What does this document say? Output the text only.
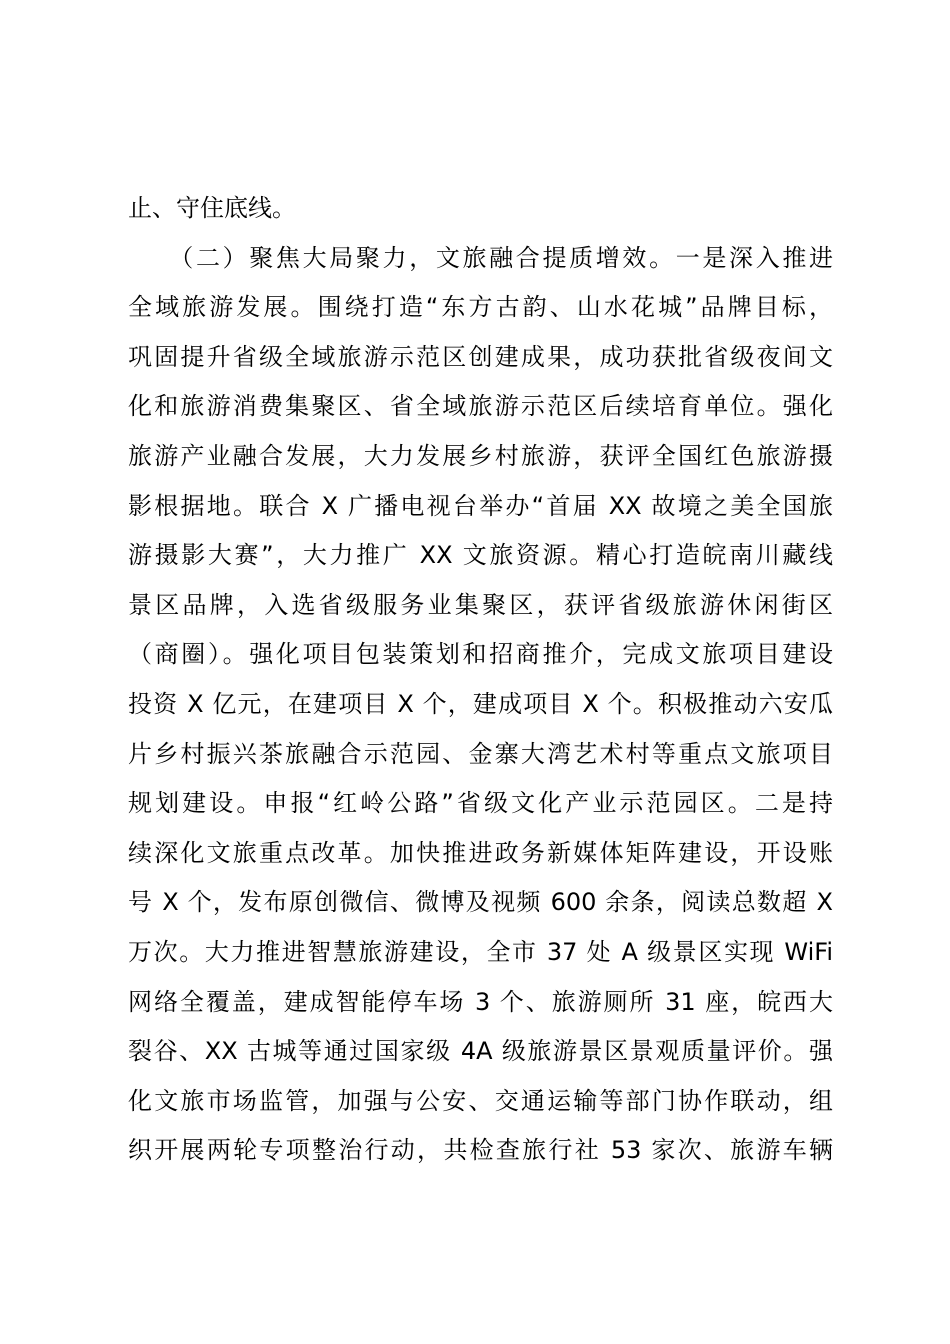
止、守住底线。
　　（二）聚焦大局聚力，文旅融合提质增效。一是深入推进
全域旅游发展。围绕打造“东方古韵、山水花城”品牌目标，
巩固提升省级全域旅游示范区创建成果，成功获批省级夜间文
化和旅游消费集聚区、省全域旅游示范区后续培育单位。强化
旅游产业融合发展，大力发展乡村旅游，获评全国红色旅游摄
影根据地。联合 X 广播电视台举办“首届 XX 故境之美全国旅
游摄影大赛”，大力推广 XX 文旅资源。精心打造皖南川藏线
景区品牌，入选省级服务业集聚区，获评省级旅游休闲街区
（商圈）。强化项目包装策划和招商推介，完成文旅项目建设
投资 X 亿元，在建项目 X 个，建成项目 X 个。积极推动六安瓜
片乡村振兴茶旅融合示范园、金寨大湾艺术村等重点文旅项目
规划建设。申报“红岭公路”省级文化产业示范园区。二是持
续深化文旅重点改革。加快推进政务新媒体矩阵建设，开设账
号 X 个，发布原创微信、微博及视频 600 余条，阅读总数超 X
万次。大力推进智慧旅游建设，全市 37 处 A 级景区实现 WiFi
网络全覆盖，建成智能停车场 3 个、旅游厕所 31 座，皖西大
裂谷、XX 古城等通过国家级 4A 级旅游景区景观质量评价。强
化文旅市场监管，加强与公安、交通运输等部门协作联动，组
织开展两轮专项整治行动，共检查旅行社 53 家次、旅游车辆
